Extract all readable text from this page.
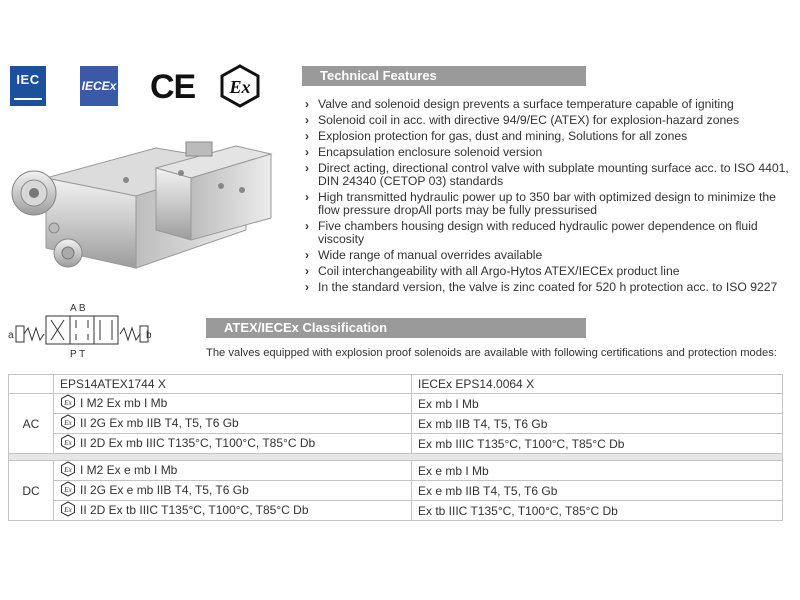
IEC	IECEx CE Ex
A B
P T
a	b
Technical Features
› Valve and solenoid design prevents a surface temperature capable of igniting
› Solenoid coil in acc. with directive 94/9/EC (ATEX) for explosion-hazard zones
› Explosion protection for gas, dust and mining, Solutions for all zones
› Encapsulation enclosure solenoid version
› Direct acting, directional control valve with subplate mounting surface acc. to ISO 4401, DIN 24340 (CETOP 03) standards
› High transmitted hydraulic power up to 350 bar with optimized design to minimize the flow pressure dropAll ports may be fully pressurised
› Five chambers housing design with reduced hydraulic power dependence on fluid viscosity
› Wide range of manual overrides available
› Coil interchangeability with all Argo-Hytos ATEX/IECEx product line
› In the standard version, the valve is zinc coated for 520 h protection acc. to ISO 9227
ATEX/IECEx Classification
The valves equipped with explosion proof solenoids are available with following certifications and protection modes:
	EPS14ATEX1744 X	IECEx EPS14.0064 X
AC	Ex I M2 Ex mb I Mb	Ex mb I Mb

Ex II 2G Ex mb IIB T4, T5, T6 Gb	Ex mb IIB T4, T5, T6 Gb

Ex II 2D Ex mb IIIC T135°C, T100°C, T85°C Db	Ex mb IIIC T135°C, T100°C, T85°C Db

DC	Ex I M2 Ex e mb I Mb	Ex e mb I Mb

Ex II 2G Ex e mb IIB T4, T5, T6 Gb	Ex e mb IIB T4, T5, T6 Gb

Ex II 2D Ex tb IIIC T135°C, T100°C, T85°C Db	Ex tb IIIC T135°C, T100°C, T85°C Db
